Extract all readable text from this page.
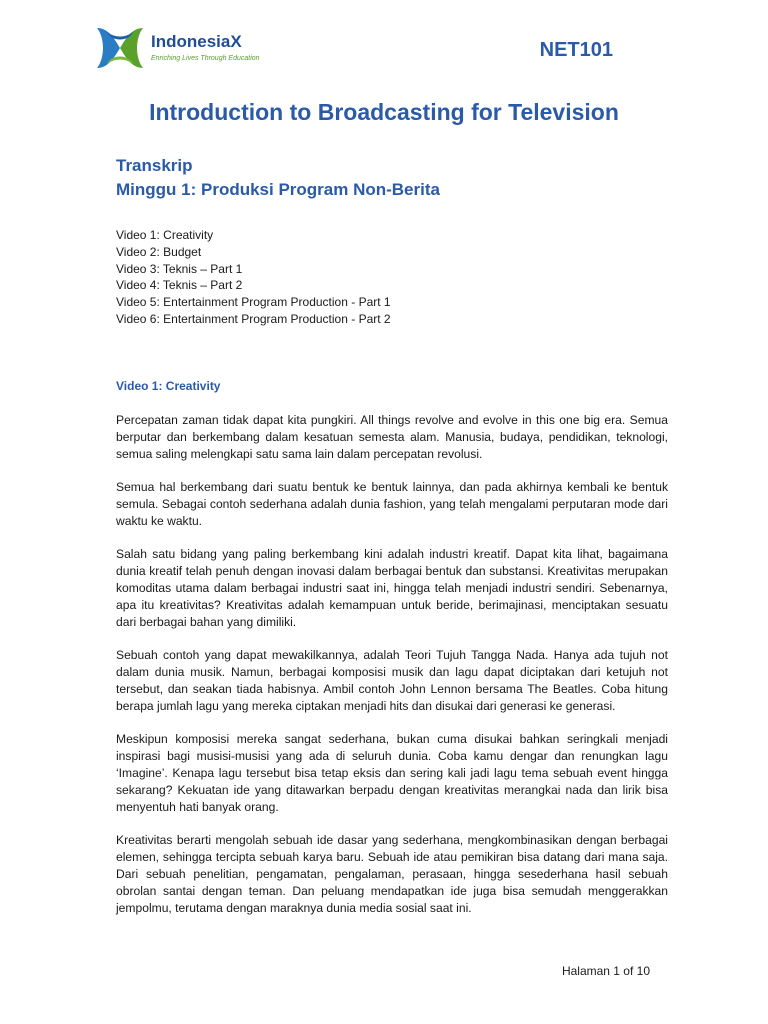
IndonesiaX
Enriching Lives Through Education	NET101
Introduction to Broadcasting for Television
Transkrip
Minggu 1: Produksi Program Non-Berita
Video 1: Creativity
Video 2: Budget
Video 3: Teknis – Part 1
Video 4: Teknis – Part 2
Video 5: Entertainment Program Production - Part 1
Video 6: Entertainment Program Production - Part 2
Video 1: Creativity

Percepatan zaman tidak dapat kita pungkiri. All things revolve and evolve in this one big era. Semua berputar dan berkembang dalam kesatuan semesta alam. Manusia, budaya, pendidikan, teknologi, semua saling melengkapi satu sama lain dalam percepatan revolusi.

Semua hal berkembang dari suatu bentuk ke bentuk lainnya, dan pada akhirnya kembali ke bentuk semula. Sebagai contoh sederhana adalah dunia fashion, yang telah mengalami perputaran mode dari waktu ke waktu.

Salah satu bidang yang paling berkembang kini adalah industri kreatif. Dapat kita lihat, bagaimana dunia kreatif telah penuh dengan inovasi dalam berbagai bentuk dan substansi. Kreativitas merupakan komoditas utama dalam berbagai industri saat ini, hingga telah menjadi industri sendiri. Sebenarnya, apa itu kreativitas? Kreativitas adalah kemampuan untuk beride, berimajinasi, menciptakan sesuatu dari berbagai bahan yang dimiliki.

Sebuah contoh yang dapat mewakilkannya, adalah Teori Tujuh Tangga Nada. Hanya ada tujuh not dalam dunia musik. Namun, berbagai komposisi musik dan lagu dapat diciptakan dari ketujuh not tersebut, dan seakan tiada habisnya. Ambil contoh John Lennon bersama The Beatles. Coba hitung berapa jumlah lagu yang mereka ciptakan menjadi hits dan disukai dari generasi ke generasi.

Meskipun komposisi mereka sangat sederhana, bukan cuma disukai bahkan seringkali menjadi inspirasi bagi musisi-musisi yang ada di seluruh dunia. Coba kamu dengar dan renungkan lagu ‘Imagine’. Kenapa lagu tersebut bisa tetap eksis dan sering kali jadi lagu tema sebuah event hingga sekarang? Kekuatan ide yang ditawarkan berpadu dengan kreativitas merangkai nada dan lirik bisa menyentuh hati banyak orang.

Kreativitas berarti mengolah sebuah ide dasar yang sederhana, mengkombinasikan dengan berbagai elemen, sehingga tercipta sebuah karya baru. Sebuah ide atau pemikiran bisa datang dari mana saja. Dari sebuah penelitian, pengamatan, pengalaman, perasaan, hingga sesederhana hasil sebuah obrolan santai dengan teman. Dan peluang mendapatkan ide juga bisa semudah menggerakkan jempolmu, terutama dengan maraknya dunia media sosial saat ini.

Halaman 1 of 10
